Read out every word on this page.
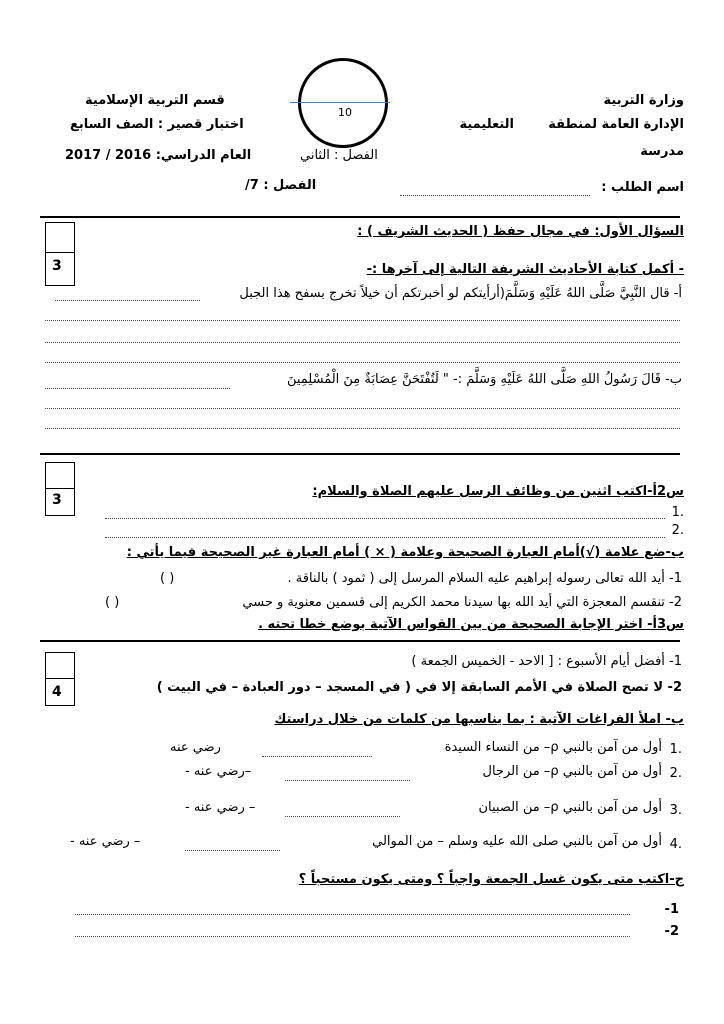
وزارة التربية
الإدارة العامة لمنطقة
التعليمية
مدرسة
قسم التربية الإسلامية
اختبار قصير : الصف السابع
العام الدراسي: 2016 / 2017
10
الفصل : الثاني
اسم الطلب :
الفصل : 7/
السؤال الأول: في مجال حفظ ( الحديث الشريف ) :
3	- أكمل كتابة الأحاديث الشريفة التالية إلى آخرها :-
أ- قال النَّبِيَّ صَلَّى اللهُ عَلَيْهِ وَسَلَّمَ(أرأيتكم لو أخبرتكم أن خيلاً تخرج بسفح هذا الجبل
ب- قَالَ رَسُولُ اللهِ صَلَّى اللهُ عَلَيْهِ وَسَلَّمَ :- " لَتُفْتَحَنَّ عِصَابَةٌ مِنَ الْمُسْلِمِينَ
3
س2أ-اكتب اثنين من وظائف الرسل عليهم الصلاة والسلام:
1.
2.
ب-ضع علامة (√)أمام العبارة الصحيحة وعلامة ( × ) أمام العبارة غير الصحيحة فيما يأتي :
1- أيد الله تعالى رسوله إبراهيم عليه السلام المرسل إلى ( ثمود ) بالناقة .
( )
2- تنقسم المعجزة التي أيد الله بها سيدنا محمد الكريم إلى قسمين معنوية و حسي
( )
س3أ- اختر الإجابة الصحيحة من بين القواس الآتية بوضع خطا تحته .
4
1- أفضل أيام الأسبوع : [ الاحد - الخميس الجمعة )
2- لا تصح الصلاة في الأمم السابقة إلا في ( في المسجد – دور العبادة – في البيت )
ب- املأ الفراغات الآتية : بما يناسبها من كلمات من خلال دراستك
1.
أول من آمن بالنبي ρ– من النساء السيدة
رضي عنه
2.
أول من آمن بالنبي ρ– من الرجال
–رضي عنه -
3.
أول من آمن بالنبي ρ– من الصبيان
– رضي عنه -
4.
أول من آمن بالنبي صلى الله عليه وسلم – من الموالي
– رضي عنه -
ج-اكتب متى يكون غسل الجمعة واجباً ؟ ومتى يكون مستحباً ؟
-1
-2
